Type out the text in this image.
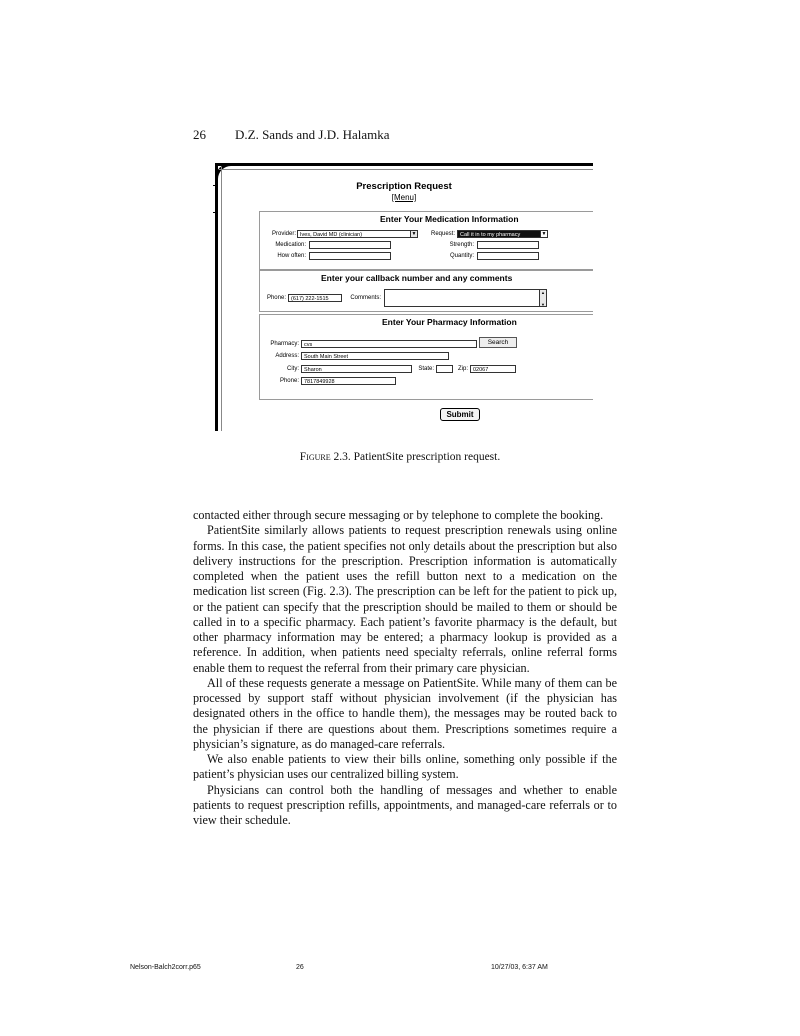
26 D.Z. Sands and J.D. Halamka
Prescription Request
[Menu]
Enter Your Medication Information
Provider: Ives, David MD (clinician)	▼	Request: Call it in to my pharmacy	▼
Medication:	Strength:
How often:	Quantity:
Enter your callback number and any comments
Phone: (617) 222-1515	Comments:
▲

▼
Enter Your Pharmacy Information
Pharmacy: cvs	Search
Address: South Main Street
City: Sharon	State:	Zip: 02067
Phone: 7817849928
Submit
Figure 2.3. PatientSite prescription request.

contacted either through secure messaging or by telephone to complete the booking.

PatientSite similarly allows patients to request prescription renewals using online forms. In this case, the patient specifies not only details about the prescription but also delivery instructions for the prescription. Prescription information is automatically completed when the patient uses the refill button next to a medication on the medication list screen (Fig. 2.3). The prescription can be left for the patient to pick up, or the patient can specify that the prescription should be mailed to them or should be called in to a specific pharmacy. Each patient’s favorite pharmacy is the default, but other pharmacy information may be entered; a pharmacy lookup is provided as a reference. In addition, when patients need specialty referrals, online referral forms enable them to request the referral from their primary care physician.

All of these requests generate a message on PatientSite. While many of them can be processed by support staff without physician involvement (if the physician has designated others in the office to handle them), the messages may be routed back to the physician if there are questions about them. Prescriptions sometimes require a physician’s signature, as do managed-care referrals.

We also enable patients to view their bills online, something only possible if the patient’s physician uses our centralized billing system.

Physicians can control both the handling of messages and whether to enable patients to request prescription refills, appointments, and managed-care referrals or to view their schedule.

Nelson-Balch2corr.p65	26	10/27/03, 6:37 AM
